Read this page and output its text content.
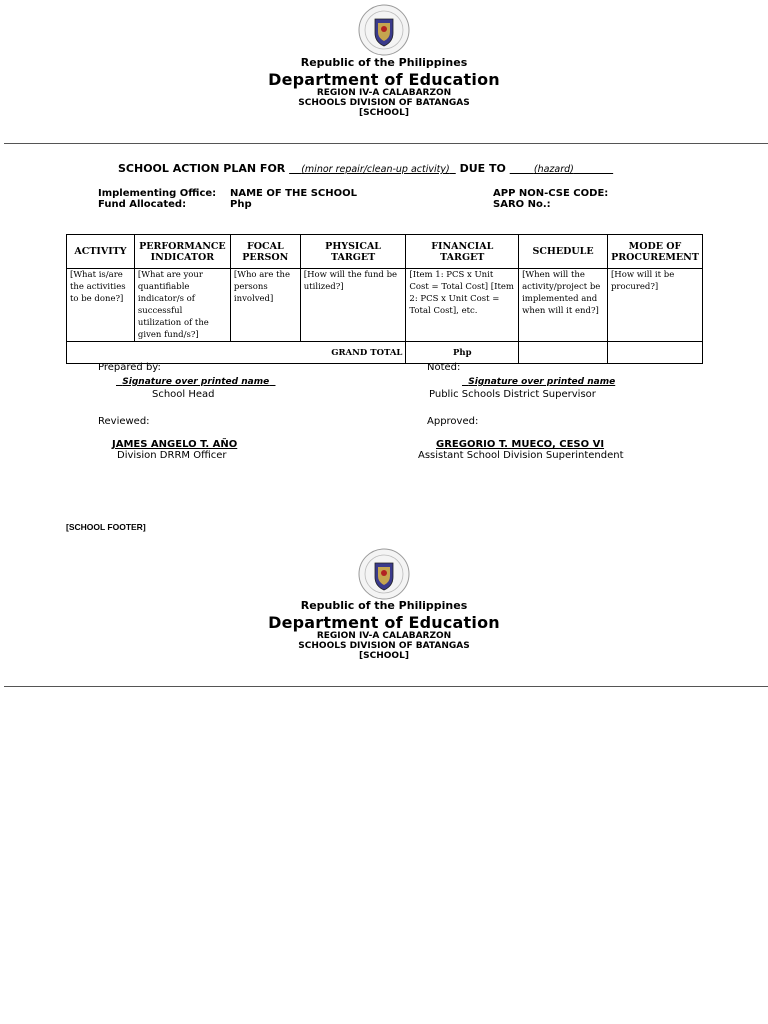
Republic of the Philippines
Department of Education
REGION IV-A CALABARZON
SCHOOLS DIVISION OF BATANGAS
[SCHOOL]
SCHOOL ACTION PLAN FOR (minor repair/clean-up activity) DUE TO	(hazard)
Implementing Office: NAME OF THE SCHOOL
Fund Allocated:	Php
APP NON-CSE CODE:
SARO No.:
ACTIVITY	PERFORMANCE INDICATOR	FOCAL PERSON	PHYSICAL TARGET	FINANCIAL TARGET	SCHEDULE	MODE OF PROCUREMENT
[What is/are the activities to be done?]	[What are your quantifiable indicator/s of successful utilization of the given fund/s?]	[Who are the persons involved]	[How will the fund be utilized?]	[Item 1: PCS x Unit Cost = Total Cost] [Item 2: PCS x Unit Cost = Total Cost], etc.	[When will the activity/project be implemented and when will it end?]	[How will it be procured?]
GRAND TOTAL				Php		
Prepared by:
Signature over printed name
School Head
Noted:
Signature over printed name
Public Schools District Supervisor
Reviewed:
JAMES ANGELO T. AÑO
Division DRRM Officer
Approved:
GREGORIO T. MUECO, CESO VI
Assistant School Division Superintendent
[SCHOOL FOOTER]
Republic of the Philippines
Department of Education
REGION IV-A CALABARZON
SCHOOLS DIVISION OF BATANGAS
[SCHOOL]
